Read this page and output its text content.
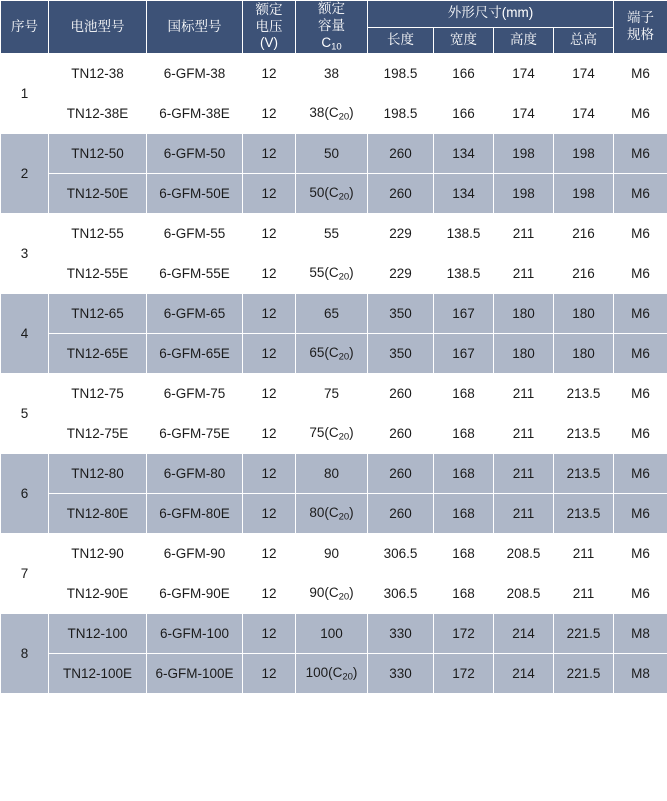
序号	电池型号	国标型号	额定
电压
(V)	额定
容量
$C_{10}$	外形尺寸(mm)				端子
规格

					长度	宽度	高度	总高	
1	TN12-38	6-GFM-38	12	38	198.5	166	174	174	M6
	TN12-38E	6-GFM-38E	12	$38(C_{20})$	198.5	166	174	174	M6
2	TN12-50	6-GFM-50	12	50	260	134	198	198	M6
	TN12-50E	6-GFM-50E	12	$50(C_{20})$	260	134	198	198	M6
3	TN12-55	6-GFM-55	12	55	229	138.5	211	216	M6
	TN12-55E	6-GFM-55E	12	$55(C_{20})$	229	138.5	211	216	M6
4	TN12-65	6-GFM-65	12	65	350	167	180	180	M6
	TN12-65E	6-GFM-65E	12	$65(C_{20})$	350	167	180	180	M6
5	TN12-75	6-GFM-75	12	75	260	168	211	213.5	M6
	TN12-75E	6-GFM-75E	12	$75(C_{20})$	260	168	211	213.5	M6
6	TN12-80	6-GFM-80	12	80	260	168	211	213.5	M6
	TN12-80E	6-GFM-80E	12	$80(C_{20})$	260	168	211	213.5	M6
7	TN12-90	6-GFM-90	12	90	306.5	168	208.5	211	M6
	TN12-90E	6-GFM-90E	12	$90(C_{20})$	306.5	168	208.5	211	M6
8	TN12-100	6-GFM-100	12	100	330	172	214	221.5	M8
	TN12-100E	6-GFM-100E	12	$100(C_{20})$	330	172	214	221.5	M8
